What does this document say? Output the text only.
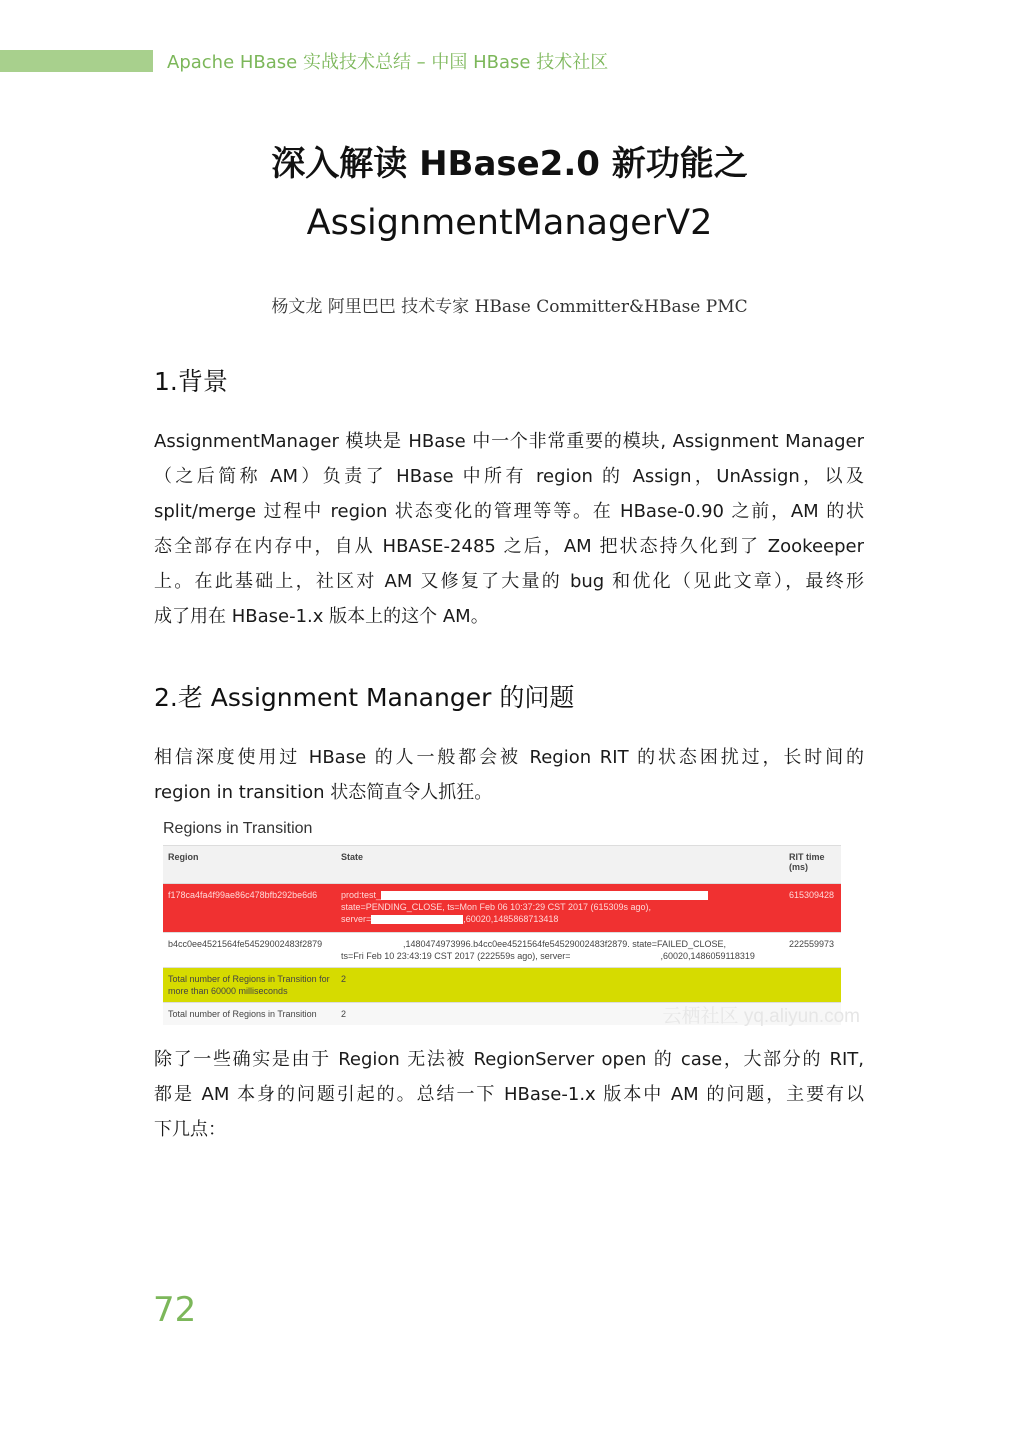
Apache HBase 实战技术总结 – 中国 HBase 技术社区
深入解读 HBase2.0 新功能之
AssignmentManagerV2
杨文龙 阿里巴巴 技术专家 HBase Committer&HBase PMC
1.背景
AssignmentManager 模块是 HBase 中一个非常重要的模块, Assignment Manager
（之后简称 AM）负责了 HBase 中所有 region 的 Assign，UnAssign，以及
split/merge 过程中 region 状态变化的管理等等。在 HBase-0.90 之前，AM 的状
态全部存在内存中，自从 HBASE-2485 之后，AM 把状态持久化到了 Zookeeper
上。在此基础上，社区对 AM 又修复了大量的 bug 和优化（见此文章），最终形
成了用在 HBase-1.x 版本上的这个 AM。
2.老 Assignment Mananger 的问题
相信深度使用过 HBase 的人一般都会被 Region RIT 的状态困扰过，长时间的
region in transition 状态简直令人抓狂。
Regions in Transition
Region	State	RIT time (ms)
f178ca4fa4f99ae86c478bfb292be6d6	prod:test_
state=PENDING_CLOSE, ts=Mon Feb 06 10:37:29 CST 2017 (615309s ago),
server= ,60020,1485868713418	615309428
b4cc0ee4521564fe54529002483f2879	,1480474973996.b4cc0ee4521564fe54529002483f2879. state=FAILED_CLOSE,
ts=Fri Feb 10 23:43:19 CST 2017 (222559s ago), server= ,60020,1486059118319	222559973
Total number of Regions in Transition for more than 60000 milliseconds	2	
Total number of Regions in Transition	2		云栖社区 yq.aliyun.com
除了一些确实是由于 Region 无法被 RegionServer open 的 case，大部分的 RIT,
都是 AM 本身的问题引起的。总结一下 HBase-1.x 版本中 AM 的问题，主要有以
下几点：
72
